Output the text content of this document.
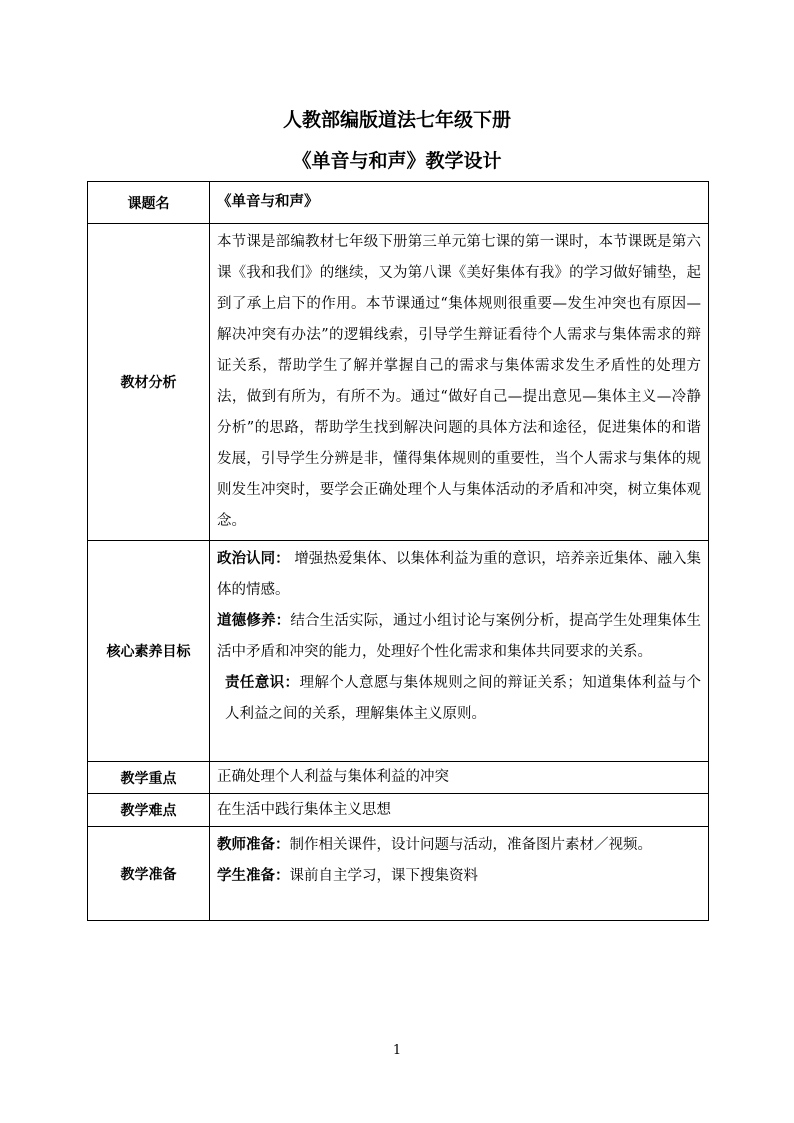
人教部编版道法七年级下册
《单音与和声》教学设计
课题名	《单音与和声》
教材分析	本节课是部编教材七年级下册第三单元第七课的第一课时，本节课既是第六课《我和我们》的继续，又为第八课《美好集体有我》的学习做好铺垫，起到了承上启下的作用。本节课通过“集体规则很重要—发生冲突也有原因—解决冲突有办法”的逻辑线索，引导学生辩证看待个人需求与集体需求的辩证关系，帮助学生了解并掌握自己的需求与集体需求发生矛盾性的处理方法，做到有所为，有所不为。通过“做好自己—提出意见—集体主义—冷静分析”的思路，帮助学生找到解决问题的具体方法和途径，促进集体的和谐发展，引导学生分辨是非，懂得集体规则的重要性，当个人需求与集体的规则发生冲突时，要学会正确处理个人与集体活动的矛盾和冲突，树立集体观念。

核心素养目标	政治认同： 增强热爱集体、以集体利益为重的意识，培养亲近集体、融入集体的情感。

道德修养：结合生活实际，通过小组讨论与案例分析，提高学生处理集体生活中矛盾和冲突的能力，处理好个性化需求和集体共同要求的关系。

责任意识：理解个人意愿与集体规则之间的辩证关系；知道集体利益与个人利益之间的关系，理解集体主义原则。

教学重点	正确处理个人利益与集体利益的冲突
教学难点	在生活中践行集体主义思想
教学准备	教师准备：制作相关课件，设计问题与活动，准备图片素材／视频。

学生准备：课前自主学习，课下搜集资料

1
